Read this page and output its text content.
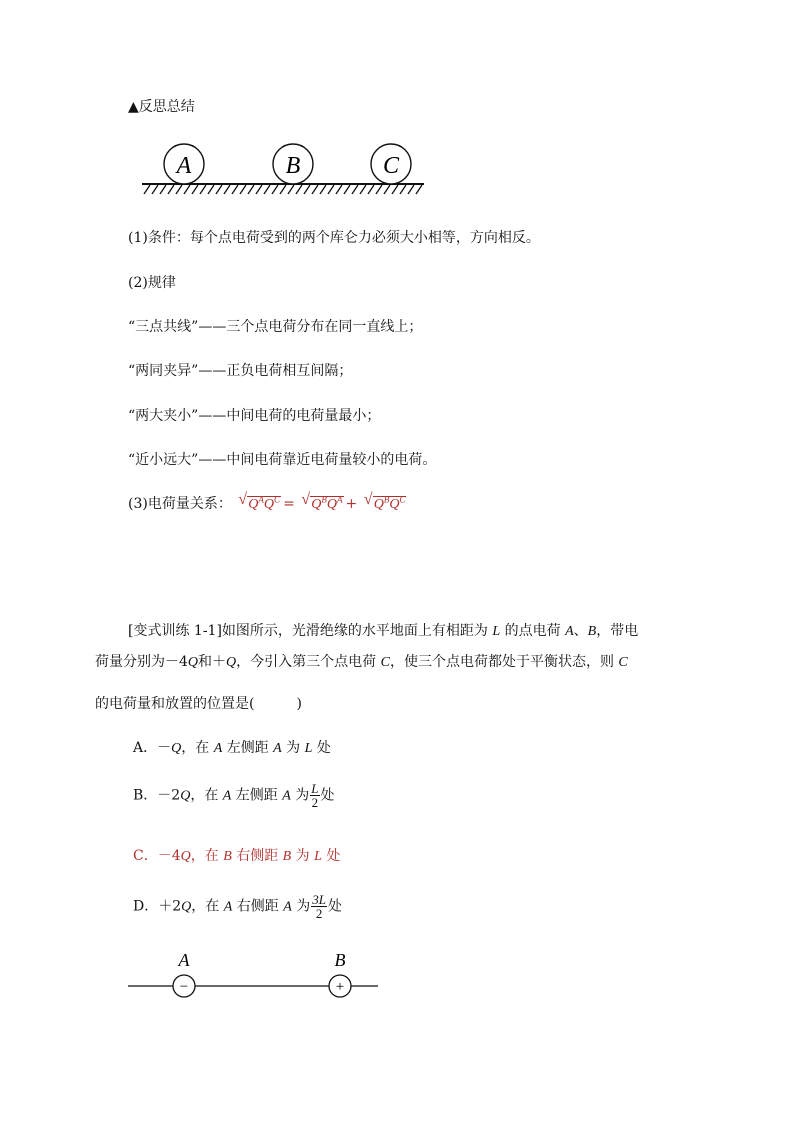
▲反思总结
A	B	C
(1)条件：每个点电荷受到的两个库仑力必须大小相等，方向相反。
(2)规律
“三点共线”——三个点电荷分布在同一直线上；
“两同夹异”——正负电荷相互间隔；
“两大夹小”——中间电荷的电荷量最小；
“近小远大”——中间电荷靠近电荷量较小的电荷。
(3)电荷量关系： √ $Q^AQ^C$ = √ $Q^BQ^A$ + √ $Q^BQ^C$
[变式训练 1-1]如图所示，光滑绝缘的水平地面上有相距为 L 的点电荷 A、B，带电
荷量分别为－4Q和＋Q，今引入第三个点电荷 C，使三个点电荷都处于平衡状态，则 C
的电荷量和放置的位置是(　　　)
A．－Q，在 A 左侧距 A 为 L 处
B．－2Q，在 A 左侧距 A 为 $\frac{L}{2}$ 处
C．－4Q，在 B 右侧距 B 为 L 处
D．＋2Q，在 A 右侧距 A 为 $\frac{3L}{2}$ 处
−	+
A	B
